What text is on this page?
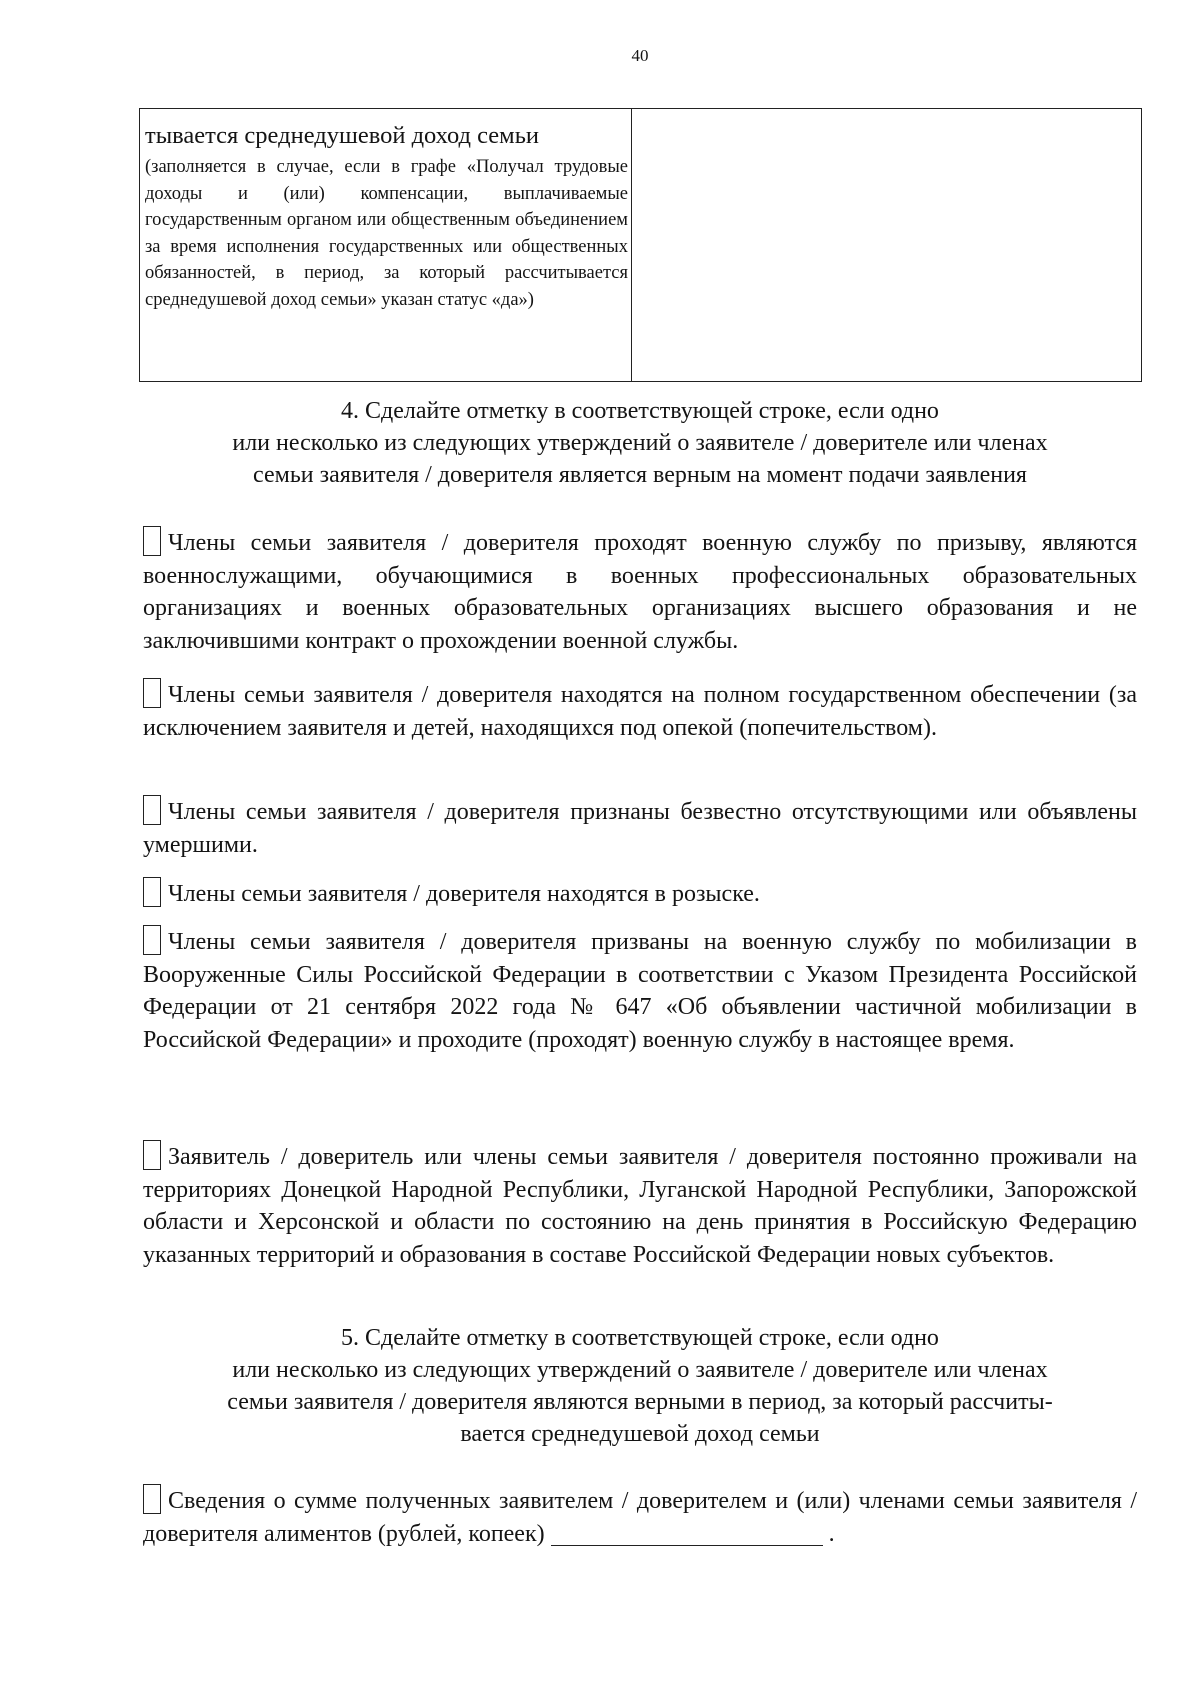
40
тывается среднедушевой доход семьи
(заполняется в случае, если в графе «Получал трудовые доходы и (или) компенсации, выплачиваемые государственным органом или общественным объединением за время исполнения государственных или общественных обязанностей, в период, за который рассчитывается среднедушевой доход семьи» указан статус «да»)
4. Сделайте отметку в соответствующей строке, если одно
или несколько из следующих утверждений о заявителе / доверителе или членах
семьи заявителя / доверителя является верным на момент подачи заявления
Члены семьи заявителя / доверителя проходят военную службу по призыву, являются военнослужащими, обучающимися в военных профессиональных образовательных организациях и военных образовательных организациях высшего образования и не заключившими контракт о прохождении военной службы.
Члены семьи заявителя / доверителя находятся на полном государственном обеспечении (за исключением заявителя и детей, находящихся под опекой (попечительством).
Члены семьи заявителя / доверителя признаны безвестно отсутствующими или объявлены умершими.
Члены семьи заявителя / доверителя находятся в розыске.
Члены семьи заявителя / доверителя призваны на военную службу по мобилизации в Вооруженные Силы Российской Федерации в соответствии с Указом Президента Российской Федерации от 21 сентября 2022 года № 647 «Об объявлении частичной мобилизации в Российской Федерации» и проходите (проходят) военную службу в настоящее время.
Заявитель / доверитель или члены семьи заявителя / доверителя постоянно проживали на территориях Донецкой Народной Республики, Луганской Народной Республики, Запорожской области и Херсонской и области по состоянию на день принятия в Российскую Федерацию указанных территорий и образования в составе Российской Федерации новых субъектов.
5. Сделайте отметку в соответствующей строке, если одно
или несколько из следующих утверждений о заявителе / доверителе или членах
семьи заявителя / доверителя являются верными в период, за который рассчиты-
вается среднедушевой доход семьи
Сведения о сумме полученных заявителем / доверителем и (или) членами семьи заявителя / доверителя алиментов (рублей, копеек)	.
